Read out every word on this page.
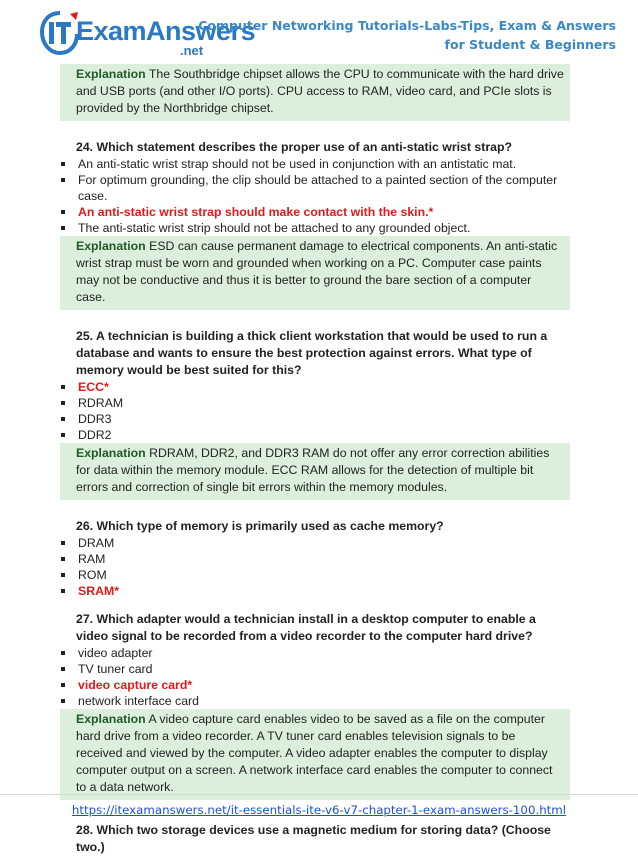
ExamAnswers
.net
Computer Networking Tutorials-Labs-Tips, Exam & Answers
for Student & Beginners
Explanation The Southbridge chipset allows the CPU to communicate with the hard drive and USB ports (and other I/O ports). CPU access to RAM, video card, and PCIe slots is provided by the Northbridge chipset.

24. Which statement describes the proper use of an anti-static wrist strap?

An anti-static wrist strap should not be used in conjunction with an antistatic mat.
For optimum grounding, the clip should be attached to a painted section of the computer case.
An anti-static wrist strap should make contact with the skin.*
The anti-static wrist strip should not be attached to any grounded object.
Explanation ESD can cause permanent damage to electrical components. An anti-static wrist strap must be worn and grounded when working on a PC. Computer case paints may not be conductive and thus it is better to ground the bare section of a computer case.

25. A technician is building a thick client workstation that would be used to run a database and wants to ensure the best protection against errors. What type of memory would be best suited for this?

ECC*
RDRAM
DDR3
DDR2
Explanation RDRAM, DDR2, and DDR3 RAM do not offer any error correction abilities for data within the memory module. ECC RAM allows for the detection of multiple bit errors and correction of single bit errors within the memory modules.

26. Which type of memory is primarily used as cache memory?

DRAM
RAM
ROM
SRAM*

27. Which adapter would a technician install in a desktop computer to enable a video signal to be recorded from a video recorder to the computer hard drive?

video adapter
TV tuner card
video capture card*
network interface card
Explanation A video capture card enables video to be saved as a file on the computer hard drive from a video recorder. A TV tuner card enables television signals to be received and viewed by the computer. A video adapter enables the computer to display computer output on a screen. A network interface card enables the computer to connect to a data network.

28. Which two storage devices use a magnetic medium for storing data? (Choose two.)

https://itexamanswers.net/it-essentials-ite-v6-v7-chapter-1-exam-answers-100.html
